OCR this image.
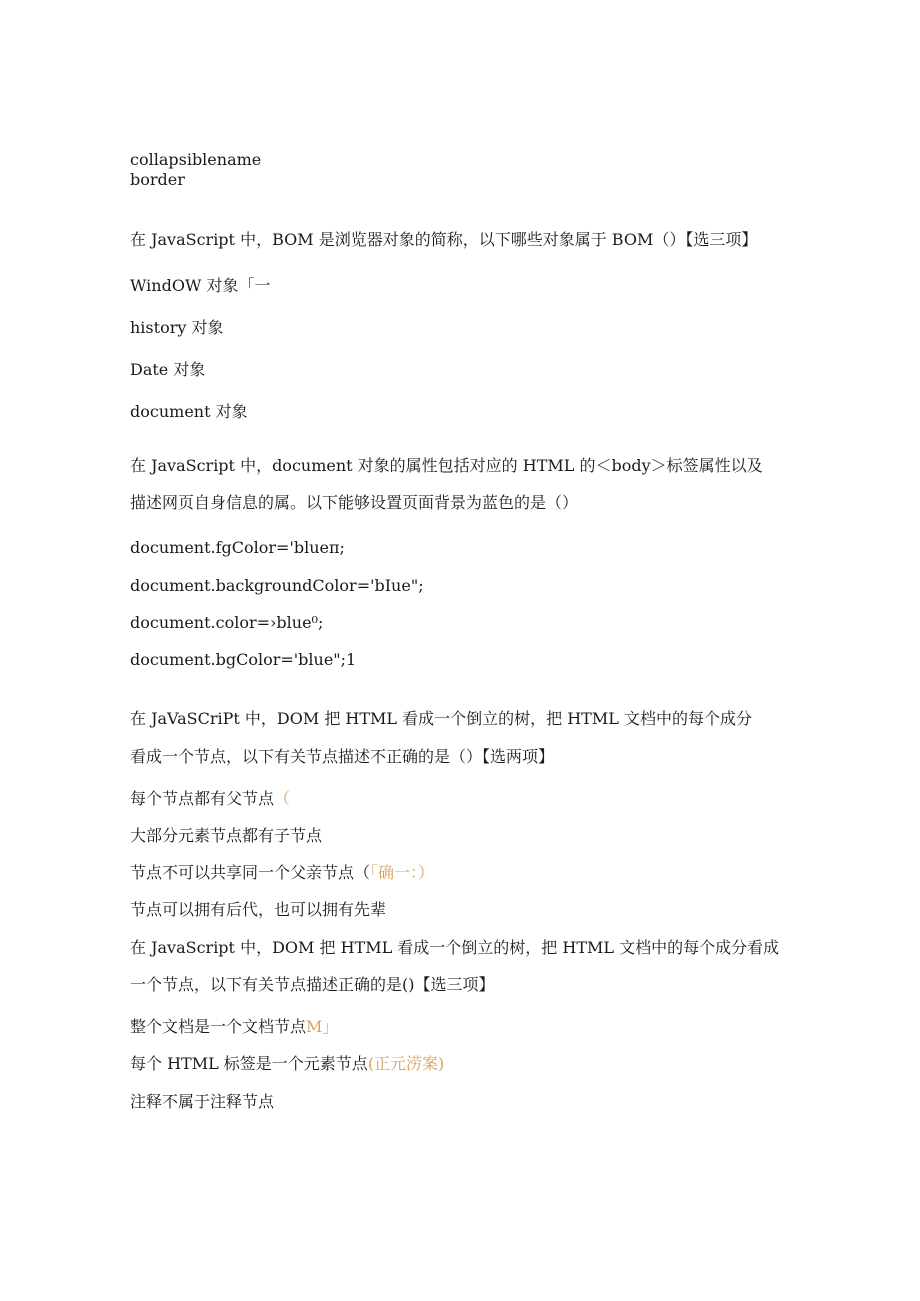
collapsiblename

border

在 JavaScript 中，BOM 是浏览器对象的简称，以下哪些对象属于 BOM（）【选三项】

WindOW 对象「一

history 对象

Date 对象

document 对象

在 JavaScript 中，document 对象的属性包括对应的 HTML 的＜body＞标签属性以及

描述网页自身信息的属。以下能够设置页面背景为蓝色的是（）

document.fgColor='blueπ;

document.backgroundColor='bIue";

document.color=›blue⁰;

document.bgColor='blue";1

在 JaVaSCriPt 中，DOM 把 HTML 看成一个倒立的树，把 HTML 文档中的每个成分

看成一个节点，以下有关节点描述不正确的是（）【选两项】

每个节点都有父节点（

大部分元素节点都有子节点

节点不可以共享同一个父亲节点（「确一：）

节点可以拥有后代，也可以拥有先辈

在 JavaScript 中，DOM 把 HTML 看成一个倒立的树，把 HTML 文档中的每个成分看成

一个节点，以下有关节点描述正确的是()【选三项】

整个文档是一个文档节点M」

每个 HTML 标签是一个元素节点(正元涝案)

注释不属于注释节点
